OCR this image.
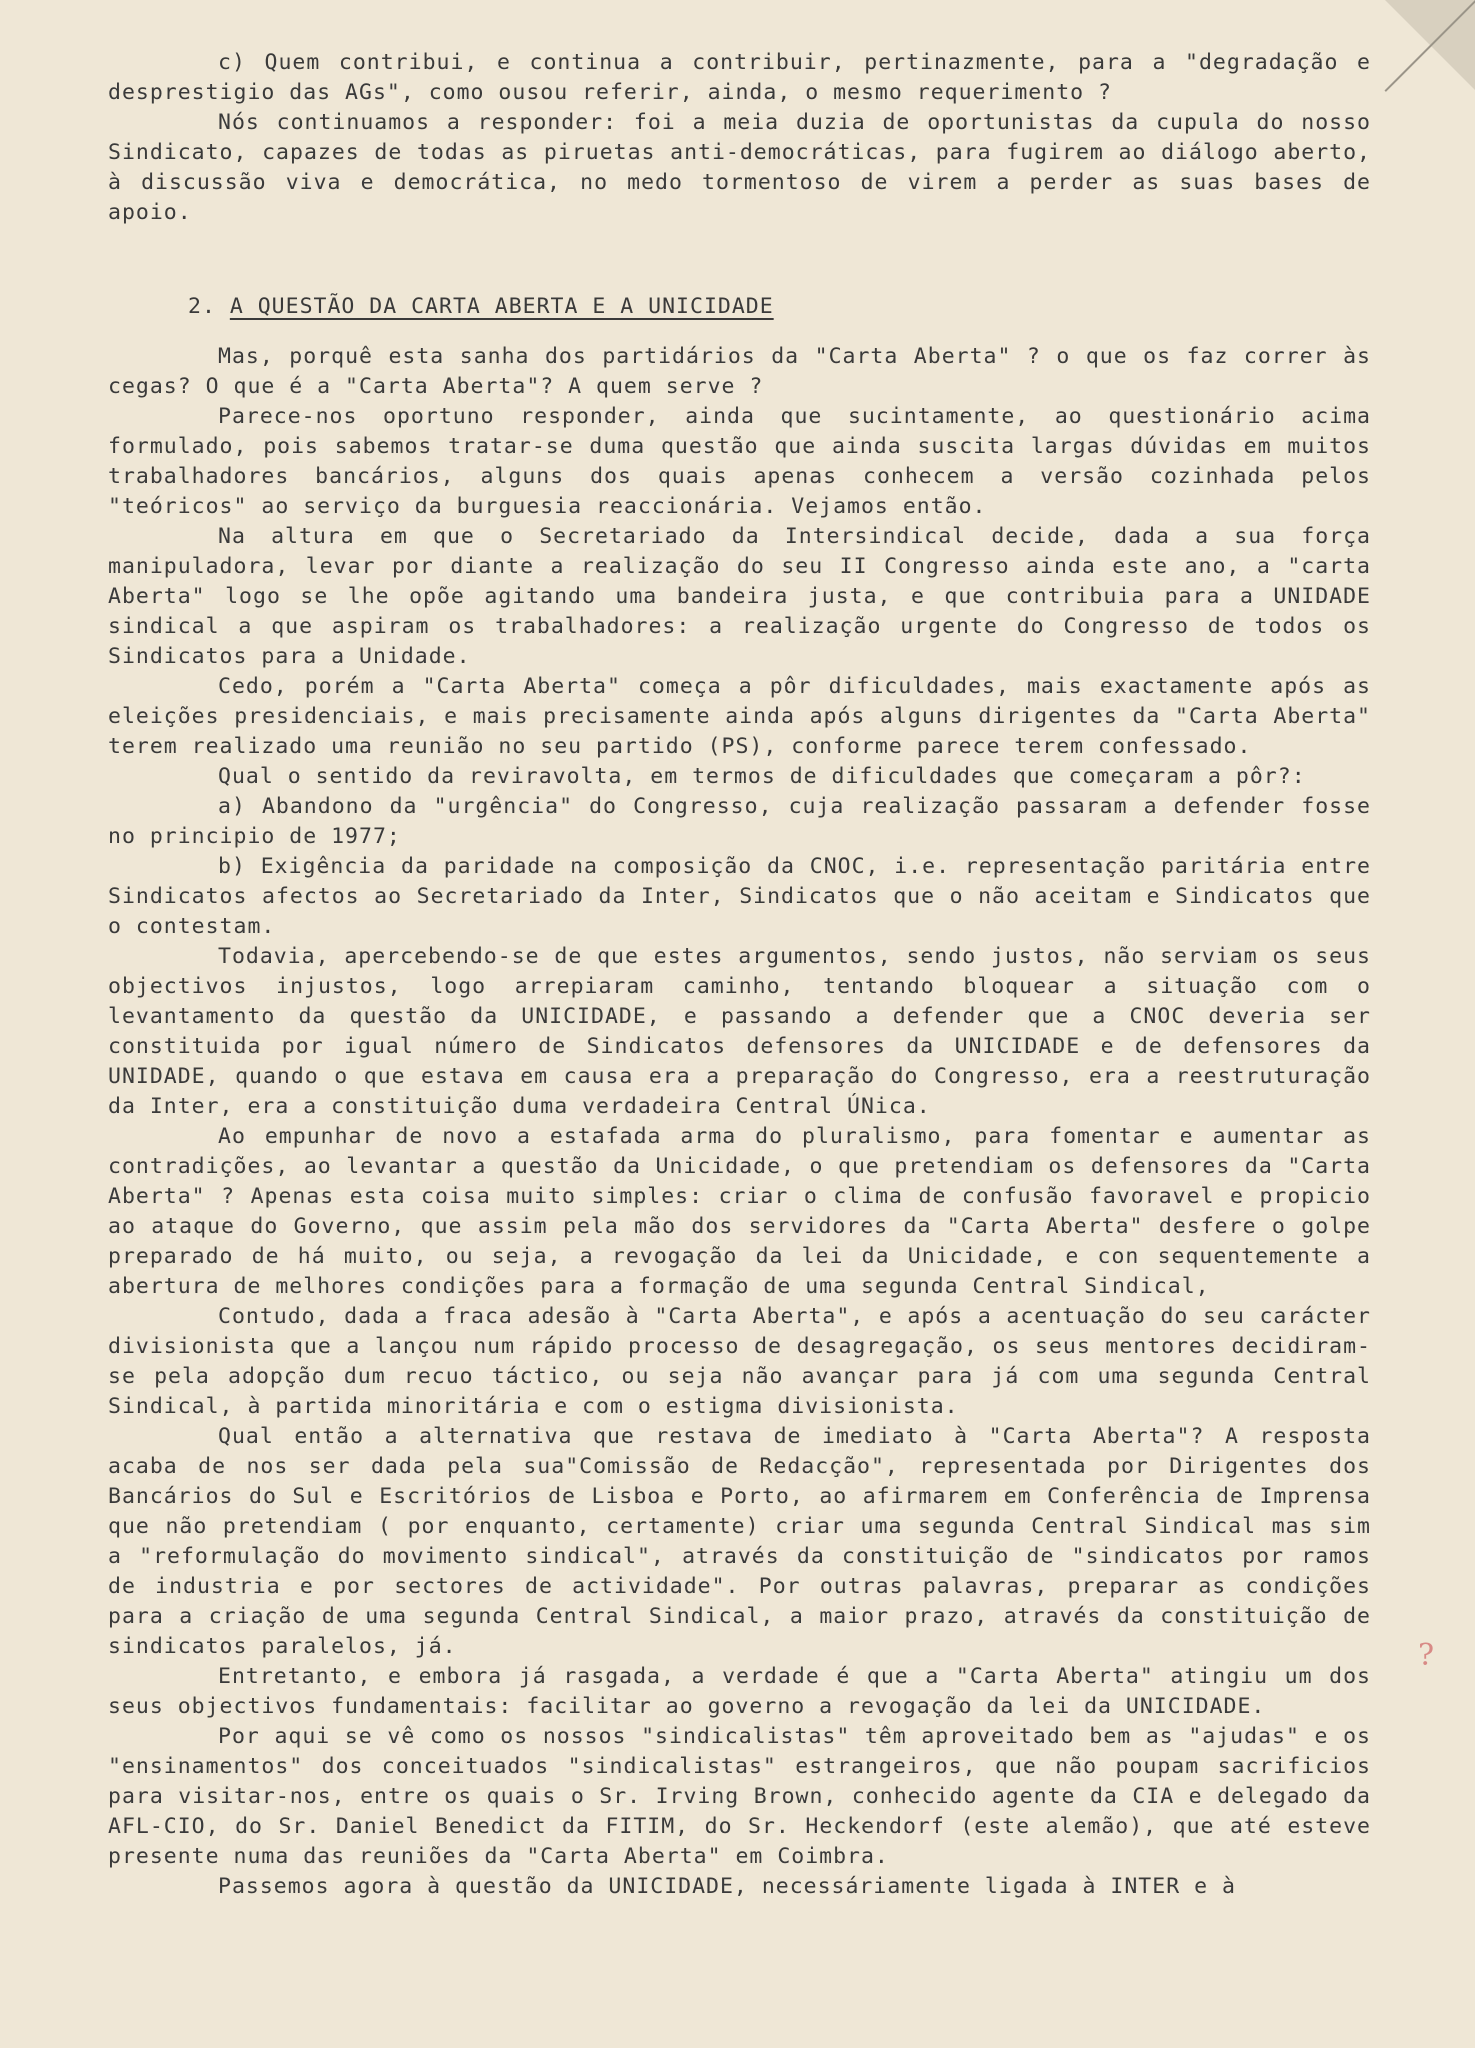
c) Quem contribui, e continua a contribuir, pertinazmente, para a "degradação e desprestigio das AGs", como ousou referir, ainda, o mesmo requerimento ?

Nós continuamos a responder: foi a meia duzia de oportunistas da cupula do nosso Sindicato, capazes de todas as piruetas anti-democráticas, para fugirem ao diálogo aberto, à discussão viva e democrática, no medo tormentoso de virem a perder as suas bases de apoio.

2. A QUESTÃO DA CARTA ABERTA E A UNICIDADE

Mas, porquê esta sanha dos partidários da "Carta Aberta" ? o que os faz correr às cegas? O que é a "Carta Aberta"? A quem serve ?

Parece-nos oportuno responder, ainda que sucintamente, ao questionário acima formulado, pois sabemos tratar-se duma questão que ainda suscita largas dúvidas em muitos trabalhadores bancários, alguns dos quais apenas conhecem a versão cozinhada pelos "teóricos" ao serviço da burguesia reaccionária. Vejamos então.

Na altura em que o Secretariado da Intersindical decide, dada a sua força manipuladora, levar por diante a realização do seu II Congresso ainda este ano, a "carta Aberta" logo se lhe opõe agitando uma bandeira justa, e que contribuia para a UNIDADE sindical a que aspiram os trabalhadores: a realização urgente do Congresso de todos os Sindicatos para a Unidade.

Cedo, porém a "Carta Aberta" começa a pôr dificuldades, mais exactamente após as eleições presidenciais, e mais precisamente ainda após alguns dirigentes da "Carta Aberta" terem realizado uma reunião no seu partido (PS), conforme parece terem confessado.

Qual o sentido da reviravolta, em termos de dificuldades que começaram a pôr?:

a) Abandono da "urgência" do Congresso, cuja realização passaram a defender fosse no principio de 1977;

b) Exigência da paridade na composição da CNOC, i.e. representação paritária entre Sindicatos afectos ao Secretariado da Inter, Sindicatos que o não aceitam e Sindicatos que o contestam.

Todavia, apercebendo-se de que estes argumentos, sendo justos, não serviam os seus objectivos injustos, logo arrepiaram caminho, tentando bloquear a situação com o levantamento da questão da UNICIDADE, e passando a defender que a CNOC deveria ser constituida por igual número de Sindicatos defensores da UNICIDADE e de defensores da UNIDADE, quando o que estava em causa era a preparação do Congresso, era a reestruturação da Inter, era a constituição duma verdadeira Central ÚNica.

Ao empunhar de novo a estafada arma do pluralismo, para fomentar e aumentar as contradições, ao levantar a questão da Unicidade, o que pretendiam os defensores da "Carta Aberta" ? Apenas esta coisa muito simples: criar o clima de confusão favoravel e propicio ao ataque do Governo, que assim pela mão dos servidores da "Carta Aberta" desfere o golpe preparado de há muito, ou seja, a revogação da lei da Unicidade, e con sequentemente a abertura de melhores condições para a formação de uma segunda Central Sindical,

Contudo, dada a fraca adesão à "Carta Aberta", e após a acentuação do seu carácter divisionista que a lançou num rápido processo de desagregação, os seus mentores decidiram-se pela adopção dum recuo táctico, ou seja não avançar para já com uma segunda Central Sindical, à partida minoritária e com o estigma divisionista.

Qual então a alternativa que restava de imediato à "Carta Aberta"? A resposta acaba de nos ser dada pela sua"Comissão de Redacção", representada por Dirigentes dos Bancários do Sul e Escritórios de Lisboa e Porto, ao afirmarem em Conferência de Imprensa que não pretendiam ( por enquanto, certamente) criar uma segunda Central Sindical mas sim a "reformulação do movimento sindical", através da constituição de "sindicatos por ramos de industria e por sectores de actividade". Por outras palavras, preparar as condições para a criação de uma segunda Central Sindical, a maior prazo, através da constituição de sindicatos paralelos, já.

Entretanto, e embora já rasgada, a verdade é que a "Carta Aberta" atingiu um dos seus objectivos fundamentais: facilitar ao governo a revogação da lei da UNICIDADE.

Por aqui se vê como os nossos "sindicalistas" têm aproveitado bem as "ajudas" e os "ensinamentos" dos conceituados "sindicalistas" estrangeiros, que não poupam sacrificios para visitar-nos, entre os quais o Sr. Irving Brown, conhecido agente da CIA e delegado da AFL-CIO, do Sr. Daniel Benedict da FITIM, do Sr. Heckendorf (este alemão), que até esteve presente numa das reuniões da "Carta Aberta" em Coimbra.

Passemos agora à questão da UNICIDADE, necessáriamente ligada à INTER e à

?
